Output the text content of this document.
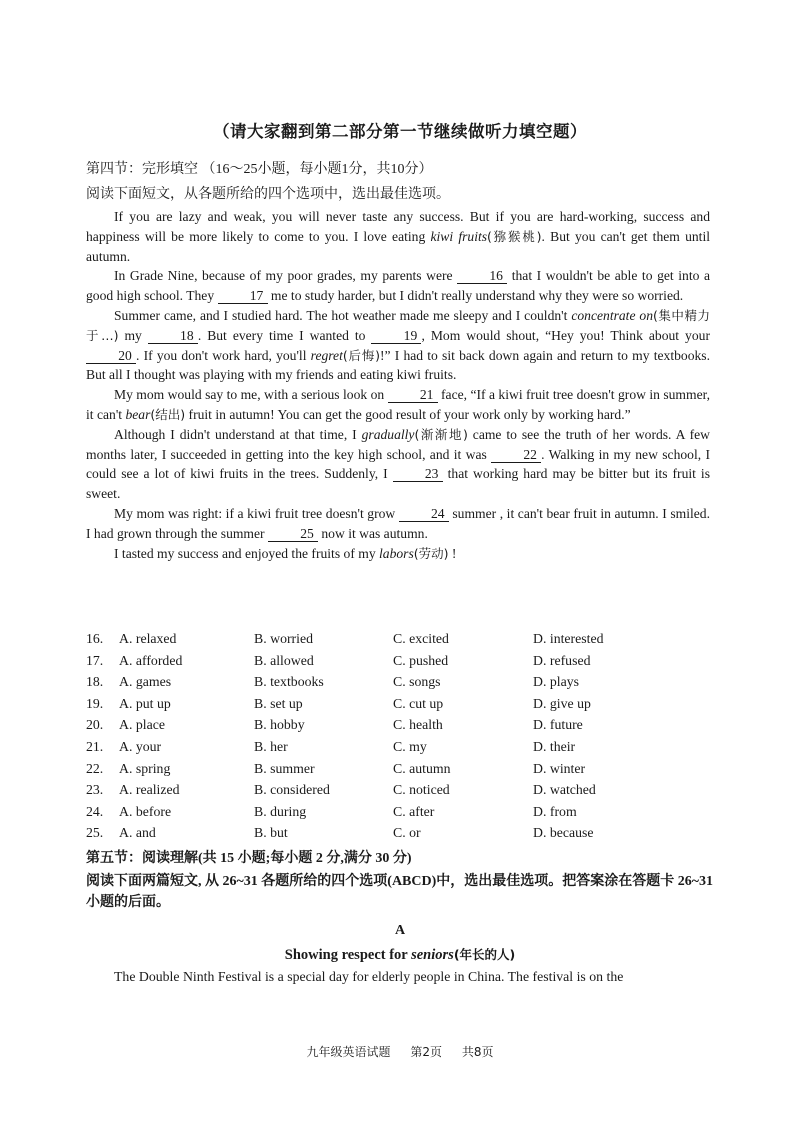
（请大家翻到第二部分第一节继续做听力填空题）
第四节：完形填空 （16～25小题，每小题1分，共10分）
阅读下面短文，从各题所给的四个选项中，选出最佳选项。

If you are lazy and weak, you will never taste any success. But if you are hard-working, success and happiness will be more likely to come to you. I love eating kiwi fruits(猕猴桃). But you can't get them until autumn.

In Grade Nine, because of my poor grades, my parents were 16 that I wouldn't be able to get into a good high school. They 17 me to study harder, but I didn't really understand why they were so worried.

Summer came, and I studied hard. The hot weather made me sleepy and I couldn't concentrate on(集中精力于…) my 18 . But every time I wanted to 19 , Mom would shout, “Hey you! Think about your 20 . If you don't work hard, you'll regret(后悔)!” I had to sit back down again and return to my textbooks. But all I thought was playing with my friends and eating kiwi fruits.

My mom would say to me, with a serious look on 21 face, “If a kiwi fruit tree doesn't grow in summer, it can't bear(结出) fruit in autumn! You can get the good result of your work only by working hard.”

Although I didn't understand at that time, I gradually(渐渐地) came to see the truth of her words. A few months later, I succeeded in getting into the key high school, and it was 22 . Walking in my new school, I could see a lot of kiwi fruits in the trees. Suddenly, I 23 that working hard may be bitter but its fruit is sweet.

My mom was right: if a kiwi fruit tree doesn't grow 24 summer , it can't bear fruit in autumn. I smiled. I had grown through the summer 25 now it was autumn.

I tasted my success and enjoyed the fruits of my labors(劳动) !

16. A. relaxed	B. worried	C. excited	D. interested
17. A. afforded	B. allowed	C. pushed	D. refused
18. A. games	B. textbooks	C. songs	D. plays
19. A. put up	B. set up	C. cut up	D. give up
20. A. place	B. hobby	C. health	D. future
21. A. your	B. her	C. my	D. their
22. A. spring	B. summer	C. autumn	D. winter
23. A. realized	B. considered	C. noticed	D. watched
24. A. before	B. during	C. after	D. from
25. A. and	B. but	C. or	D. because
第五节：阅读理解(共 15 小题;每小题 2 分,满分 30 分)
阅读下面两篇短文, 从 26~31 各题所给的四个选项(ABCD)中，选出最佳选项。把答案涂在答题卡 26~31 小题的后面。
A
Showing respect for seniors(年长的人)
The Double Ninth Festival is a special day for elderly people in China. The festival is on the
九年级英语试题 第2页 共8页
